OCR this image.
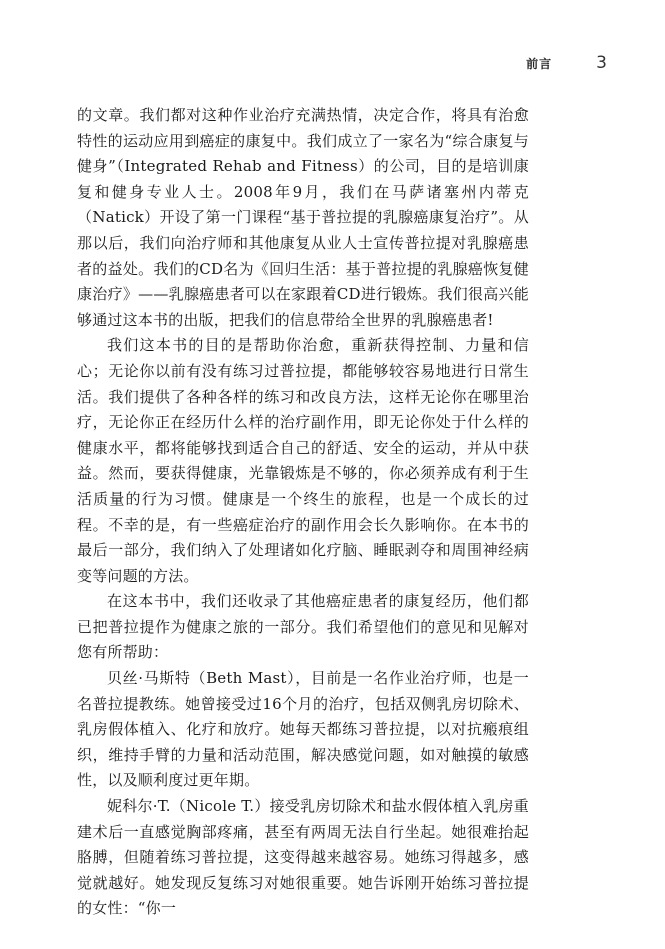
前言	3

的文章。我们都对这种作业治疗充满热情，决定合作，将具有治愈特性的运动应用到癌症的康复中。我们成立了一家名为“综合康复与健身”（Integrated Rehab and Fitness）的公司，目的是培训康复和健身专业人士。2008年9月，我们在马萨诸塞州内蒂克（Natick）开设了第一门课程“基于普拉提的乳腺癌康复治疗”。从那以后，我们向治疗师和其他康复从业人士宣传普拉提对乳腺癌患者的益处。我们的CD名为《回归生活：基于普拉提的乳腺癌恢复健康治疗》——乳腺癌患者可以在家跟着CD进行锻炼。我们很高兴能够通过这本书的出版，把我们的信息带给全世界的乳腺癌患者!

我们这本书的目的是帮助你治愈，重新获得控制、力量和信心；无论你以前有没有练习过普拉提，都能够较容易地进行日常生活。我们提供了各种各样的练习和改良方法，这样无论你在哪里治疗，无论你正在经历什么样的治疗副作用，即无论你处于什么样的健康水平，都将能够找到适合自己的舒适、安全的运动，并从中获益。然而，要获得健康，光靠锻炼是不够的，你必须养成有利于生活质量的行为习惯。健康是一个终生的旅程，也是一个成长的过程。不幸的是，有一些癌症治疗的副作用会长久影响你。在本书的最后一部分，我们纳入了处理诸如化疗脑、睡眠剥夺和周围神经病变等问题的方法。

在这本书中，我们还收录了其他癌症患者的康复经历，他们都已把普拉提作为健康之旅的一部分。我们希望他们的意见和见解对您有所帮助：

贝丝·马斯特（Beth Mast），目前是一名作业治疗师，也是一名普拉提教练。她曾接受过16个月的治疗，包括双侧乳房切除术、乳房假体植入、化疗和放疗。她每天都练习普拉提，以对抗瘢痕组织，维持手臂的力量和活动范围，解决感觉问题，如对触摸的敏感性，以及顺利度过更年期。

妮科尔·T.（Nicole T.）接受乳房切除术和盐水假体植入乳房重建术后一直感觉胸部疼痛，甚至有两周无法自行坐起。她很难抬起胳膊，但随着练习普拉提，这变得越来越容易。她练习得越多，感觉就越好。她发现反复练习对她很重要。她告诉刚开始练习普拉提的女性：“你一
